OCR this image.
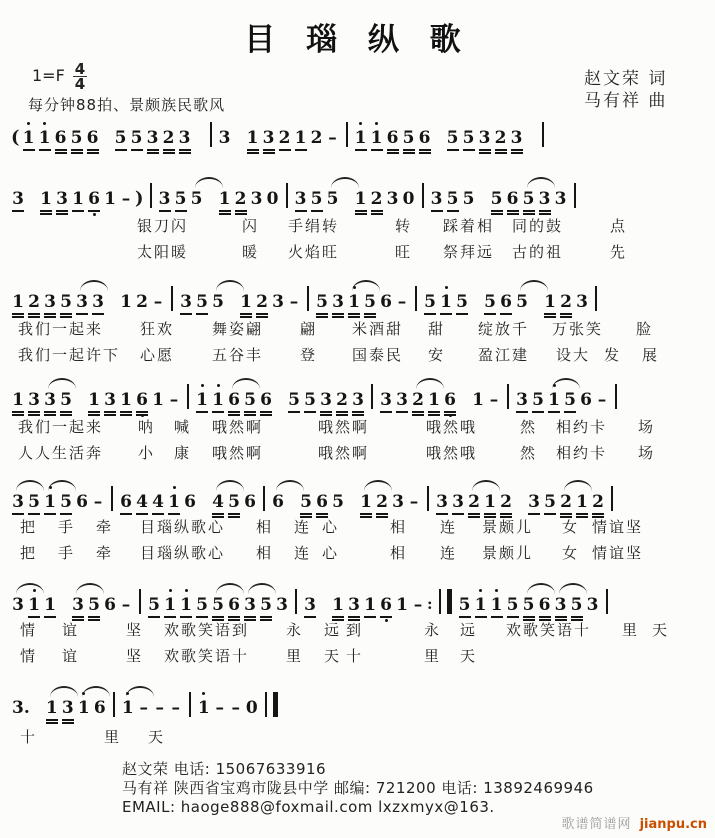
目 瑙 纵 歌
$1=F \frac{4}{4}$
每分钟88拍、景颇族民歌风
赵文荣 词
马有祥 曲
( 1 1 6 5 6 5 5 3 2 3 3 1 3 2 1 2 – 1 1 6 5 6 5 5 3 2 3
3 1 3 1 6 1 – ) 3 5 5 1 2 3 0 3 5 5 1 2 3 0 3 5 5 5 6 5 3 3
银刀闪	闪 手绢转	转 踩着相 同的鼓	点
太阳暖	暖 火焰旺	旺 祭拜远 古的祖	先
1 2 3 5 3 3 1 2 – 3 5 5 1 2 3 – 5 3 1 5 6 – 5 1 5 5 6 5 1 2 3
我们一起来 狂欢	舞姿翩 翩 米酒甜 甜 绽放千 万张笑 脸
我们一起许下 心愿	五谷丰 登 国泰民 安 盈江建 设大 发 展
1 3 3 5 1 3 1 6 1 – 1 1 6 5 6 5 5 3 2 3 3 3 2 1 6 1 – 3 5 1 5 6 –
我们一起来 呐 喊 哦然啊	哦然啊	哦然哦	然 相约卡 场
人人生活奔 小 康 哦然啊	哦然啊	哦然哦	然 相约卡 场
3 5 1 5 6 – 6 4 4 1 6 4 5 6 6 5 6 5 1 2 3 – 3 3 2 1 2 3 5 2 1 2
把 手 牵 目瑙纵歌心 相 连 心	相 连 景颇儿 女 情谊坚
把 手 牵 目瑙纵歌心 相 连 心	相 连 景颇儿 女 情谊坚
3 1 1 3 5 6 – 5 1 1 5 5 6 3 5 3 3 1 3 1 6 1 – : 5 1 1 5 5 6 3 5 3
情 谊	坚 欢歌笑语到 永 远 到	永 远 欢歌笑语十 里 天
情 谊	坚 欢歌笑语十 里 天 十	里 天
3. 1 3 1 6 1 – – – 1 – – 0
十	里 天
赵文荣 电话: 15067633916
马有祥 陕西省宝鸡市陇县中学 邮编: 721200 电话: 13892469946
EMAIL: haoge888@foxmail.com lxzxmyx@163.
歌谱简谱网 jianpu.cn
